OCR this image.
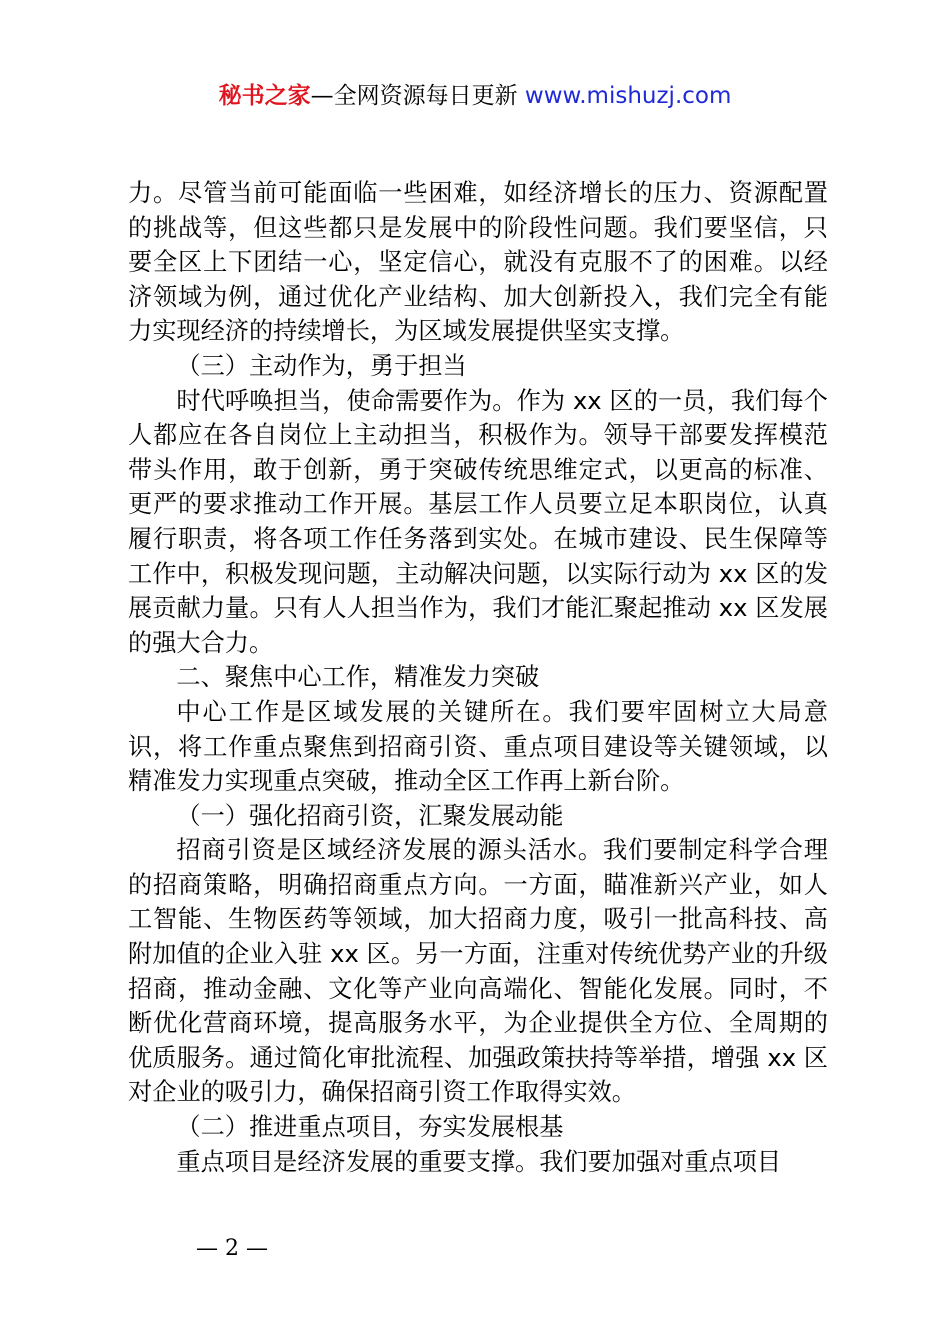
秘书之家—全网资源每日更新 www.mishuzj.com

力。尽管当前可能面临一些困难，如经济增长的压力、资源配置的挑战等，但这些都只是发展中的阶段性问题。我们要坚信，只要全区上下团结一心，坚定信心，就没有克服不了的困难。以经济领域为例，通过优化产业结构、加大创新投入，我们完全有能力实现经济的持续增长，为区域发展提供坚实支撑。

（三）主动作为，勇于担当

时代呼唤担当，使命需要作为。作为 xx 区的一员，我们每个人都应在各自岗位上主动担当，积极作为。领导干部要发挥模范带头作用，敢于创新，勇于突破传统思维定式，以更高的标准、更严的要求推动工作开展。基层工作人员要立足本职岗位，认真履行职责，将各项工作任务落到实处。在城市建设、民生保障等工作中，积极发现问题，主动解决问题，以实际行动为 xx 区的发展贡献力量。只有人人担当作为，我们才能汇聚起推动 xx 区发展的强大合力。

二、聚焦中心工作，精准发力突破

中心工作是区域发展的关键所在。我们要牢固树立大局意识，将工作重点聚焦到招商引资、重点项目建设等关键领域，以精准发力实现重点突破，推动全区工作再上新台阶。

（一）强化招商引资，汇聚发展动能

招商引资是区域经济发展的源头活水。我们要制定科学合理的招商策略，明确招商重点方向。一方面，瞄准新兴产业，如人工智能、生物医药等领域，加大招商力度，吸引一批高科技、高附加值的企业入驻 xx 区。另一方面，注重对传统优势产业的升级招商，推动金融、文化等产业向高端化、智能化发展。同时，不断优化营商环境，提高服务水平，为企业提供全方位、全周期的优质服务。通过简化审批流程、加强政策扶持等举措，增强 xx 区对企业的吸引力，确保招商引资工作取得实效。

（二）推进重点项目，夯实发展根基

重点项目是经济发展的重要支撑。我们要加强对重点项目

— 2 —
